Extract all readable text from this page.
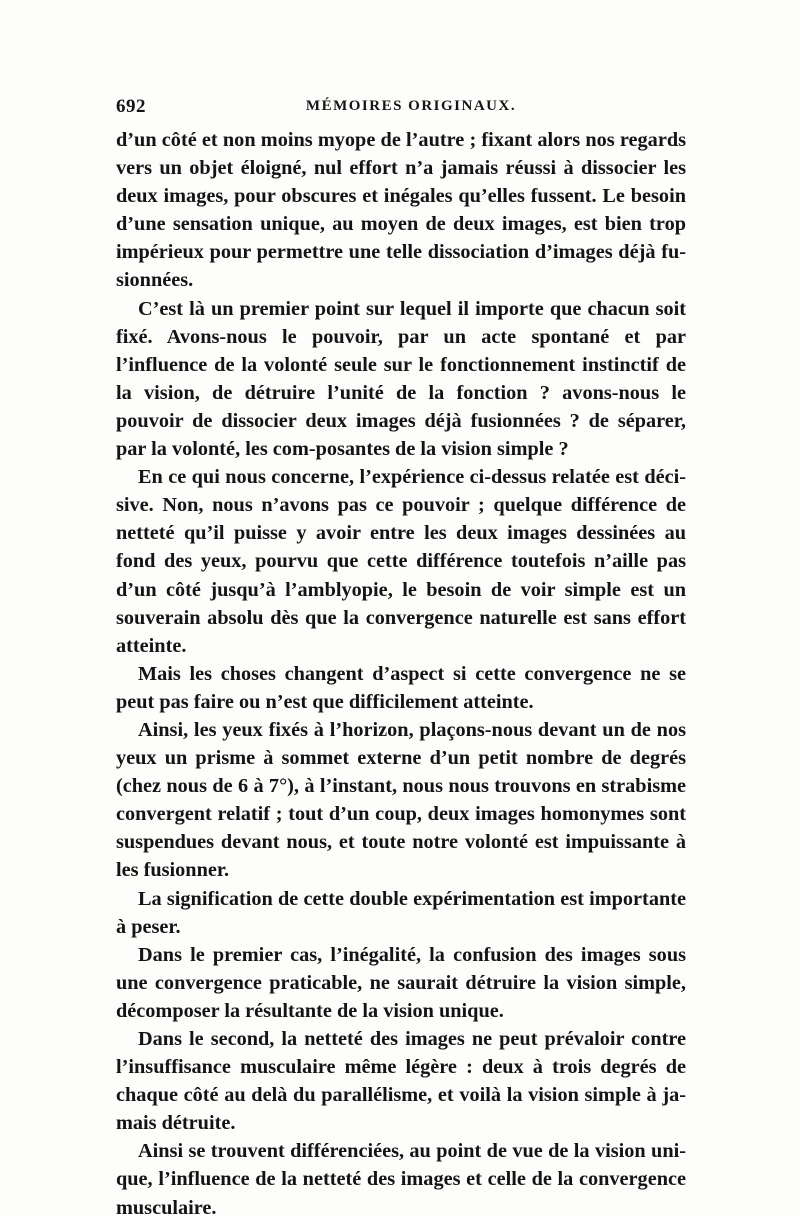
692	MÉMOIRES ORIGINAUX.

d’un côté et non moins myope de l’autre ; fixant alors nos regards vers un objet éloigné, nul effort n’a jamais réussi à dissocier les deux images, pour obscures et inégales qu’elles fussent. Le besoin d’une sensation unique, au moyen de deux images, est bien trop impérieux pour permettre une telle dissociation d’images déjà fu-sionnées.

C’est là un premier point sur lequel il importe que chacun soit fixé. Avons-nous le pouvoir, par un acte spontané et par l’influence de la volonté seule sur le fonctionnement instinctif de la vision, de détruire l’unité de la fonction ? avons-nous le pouvoir de dissocier deux images déjà fusionnées ? de séparer, par la volonté, les com-posantes de la vision simple ?

En ce qui nous concerne, l’expérience ci-dessus relatée est déci-sive. Non, nous n’avons pas ce pouvoir ; quelque différence de netteté qu’il puisse y avoir entre les deux images dessinées au fond des yeux, pourvu que cette différence toutefois n’aille pas d’un côté jusqu’à l’amblyopie, le besoin de voir simple est un souverain absolu dès que la convergence naturelle est sans effort atteinte.

Mais les choses changent d’aspect si cette convergence ne se peut pas faire ou n’est que difficilement atteinte.

Ainsi, les yeux fixés à l’horizon, plaçons-nous devant un de nos yeux un prisme à sommet externe d’un petit nombre de degrés (chez nous de 6 à 7°), à l’instant, nous nous trouvons en strabisme convergent relatif ; tout d’un coup, deux images homonymes sont suspendues devant nous, et toute notre volonté est impuissante à les fusionner.

La signification de cette double expérimentation est importante à peser.

Dans le premier cas, l’inégalité, la confusion des images sous une convergence praticable, ne saurait détruire la vision simple, décomposer la résultante de la vision unique.

Dans le second, la netteté des images ne peut prévaloir contre l’insuffisance musculaire même légère : deux à trois degrés de chaque côté au delà du parallélisme, et voilà la vision simple à ja-mais détruite.

Ainsi se trouvent différenciées, au point de vue de la vision uni-que, l’influence de la netteté des images et celle de la convergence musculaire.
